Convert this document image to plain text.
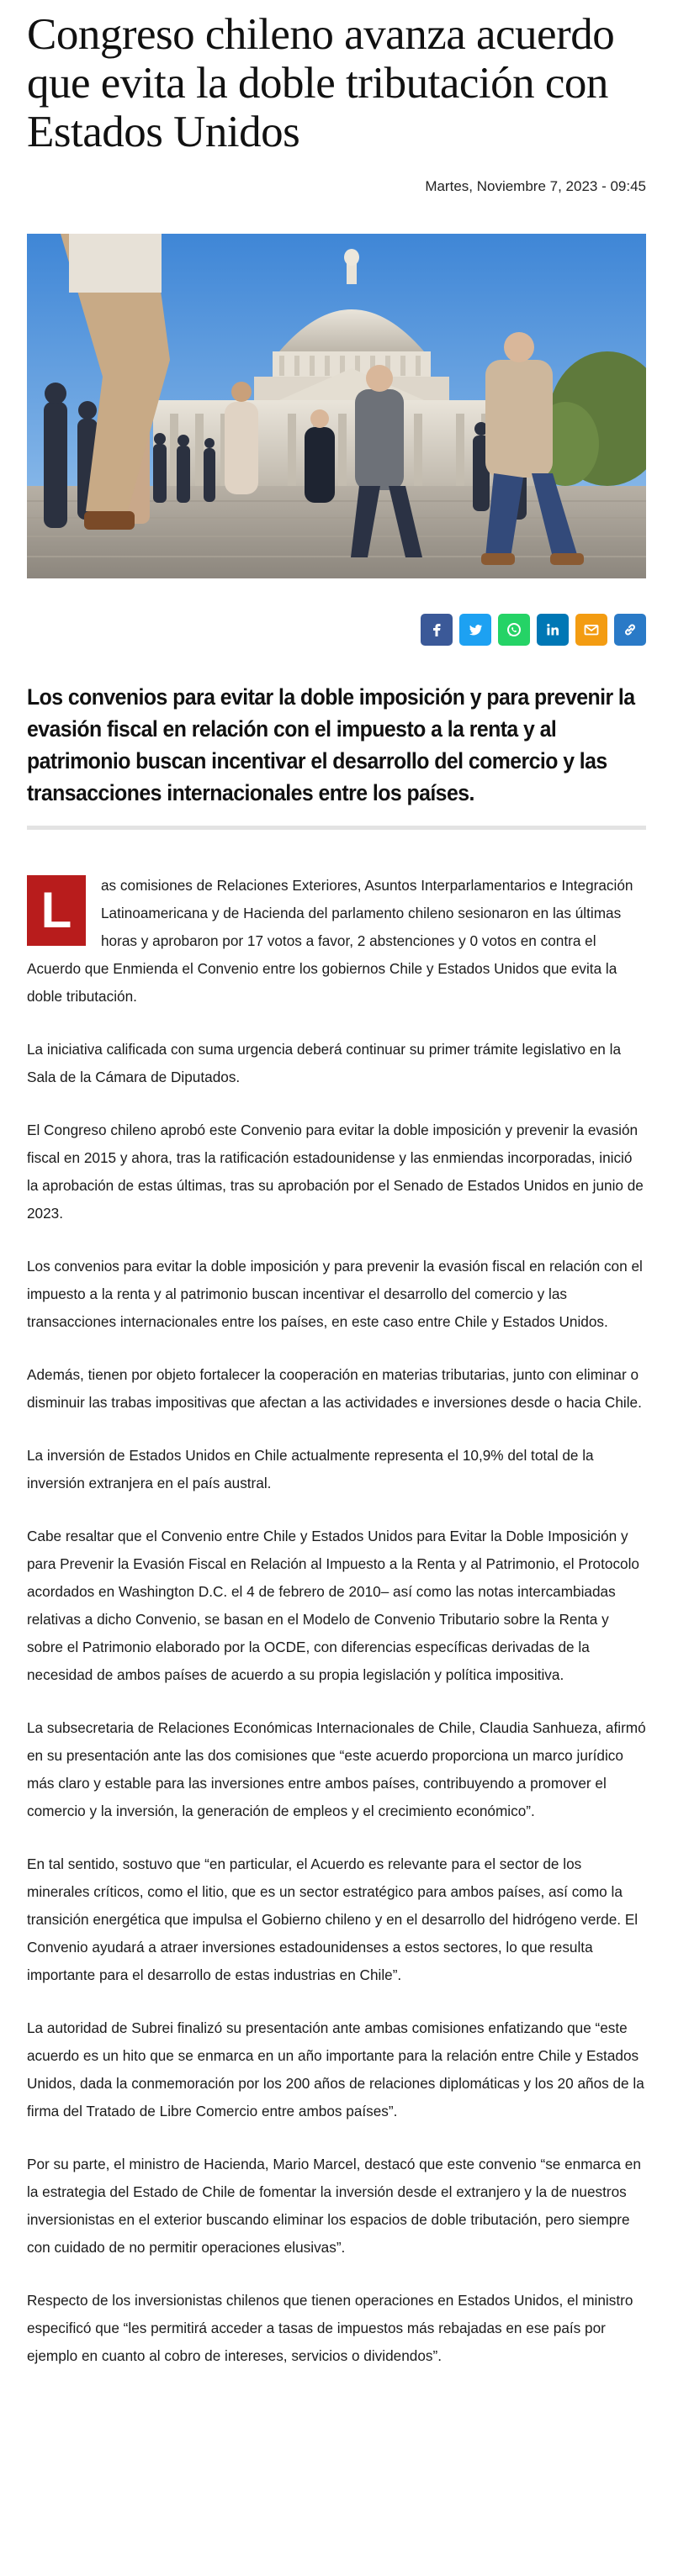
Congreso chileno avanza acuerdo que evita la doble tributación con Estados Unidos
Martes, Noviembre 7, 2023 - 09:45

Los convenios para evitar la doble imposición y para prevenir la evasión fiscal en relación con el impuesto a la renta y al patrimonio buscan incentivar el desarrollo del comercio y las transacciones internacionales entre los países.

L	as comisiones de Relaciones Exteriores, Asuntos Interparlamentarios e Integración Latinoamericana y de Hacienda del parlamento chileno sesionaron en las últimas horas y aprobaron por 17 votos a favor, 2 abstenciones y 0 votos en contra el Acuerdo que Enmienda el Convenio entre los gobiernos Chile y Estados Unidos que evita la doble tributación.

La iniciativa calificada con suma urgencia deberá continuar su primer trámite legislativo en la Sala de la Cámara de Diputados.

El Congreso chileno aprobó este Convenio para evitar la doble imposición y prevenir la evasión fiscal en 2015 y ahora, tras la ratificación estadounidense y las enmiendas incorporadas, inició la aprobación de estas últimas, tras su aprobación por el Senado de Estados Unidos en junio de 2023.

Los convenios para evitar la doble imposición y para prevenir la evasión fiscal en relación con el impuesto a la renta y al patrimonio buscan incentivar el desarrollo del comercio y las transacciones internacionales entre los países, en este caso entre Chile y Estados Unidos.

Además, tienen por objeto fortalecer la cooperación en materias tributarias, junto con eliminar o disminuir las trabas impositivas que afectan a las actividades e inversiones desde o hacia Chile.

La inversión de Estados Unidos en Chile actualmente representa el 10,9% del total de la inversión extranjera en el país austral.

Cabe resaltar que el Convenio entre Chile y Estados Unidos para Evitar la Doble Imposición y para Prevenir la Evasión Fiscal en Relación al Impuesto a la Renta y al Patrimonio, el Protocolo acordados en Washington D.C. el 4 de febrero de 2010– así como las notas intercambiadas relativas a dicho Convenio, se basan en el Modelo de Convenio Tributario sobre la Renta y sobre el Patrimonio elaborado por la OCDE, con diferencias específicas derivadas de la necesidad de ambos países de acuerdo a su propia legislación y política impositiva.

La subsecretaria de Relaciones Económicas Internacionales de Chile, Claudia Sanhueza, afirmó en su presentación ante las dos comisiones que “este acuerdo proporciona un marco jurídico más claro y estable para las inversiones entre ambos países, contribuyendo a promover el comercio y la inversión, la generación de empleos y el crecimiento económico”.

En tal sentido, sostuvo que “en particular, el Acuerdo es relevante para el sector de los minerales críticos, como el litio, que es un sector estratégico para ambos países, así como la transición energética que impulsa el Gobierno chileno y en el desarrollo del hidrógeno verde. El Convenio ayudará a atraer inversiones estadounidenses a estos sectores, lo que resulta importante para el desarrollo de estas industrias en Chile”.

La autoridad de Subrei finalizó su presentación ante ambas comisiones enfatizando que “este acuerdo es un hito que se enmarca en un año importante para la relación entre Chile y Estados Unidos, dada la conmemoración por los 200 años de relaciones diplomáticas y los 20 años de la firma del Tratado de Libre Comercio entre ambos países”.

Por su parte, el ministro de Hacienda, Mario Marcel, destacó que este convenio “se enmarca en la estrategia del Estado de Chile de fomentar la inversión desde el extranjero y la de nuestros inversionistas en el exterior buscando eliminar los espacios de doble tributación, pero siempre con cuidado de no permitir operaciones elusivas”.

Respecto de los inversionistas chilenos que tienen operaciones en Estados Unidos, el ministro especificó que “les permitirá acceder a tasas de impuestos más rebajadas en ese país por ejemplo en cuanto al cobro de intereses, servicios o dividendos”.
